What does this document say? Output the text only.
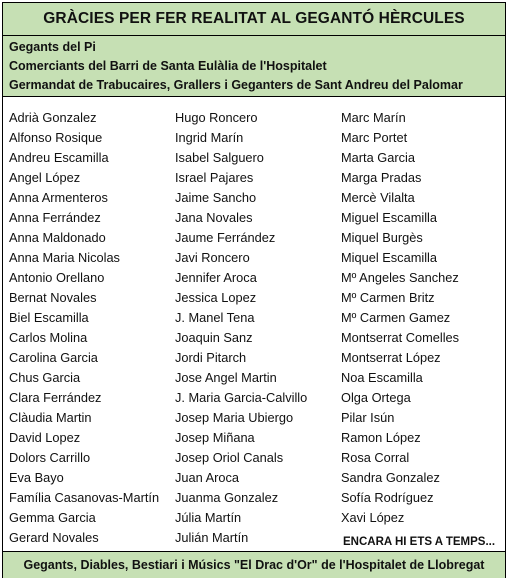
GRÀCIES PER FER REALITAT AL GEGANTÓ HÈRCULES
Gegants del Pi
Comerciants del Barri de Santa Eulàlia de l'Hospitalet
Germandat de Trabucaires, Grallers i Geganters de Sant Andreu del Palomar
ENCARA HI ETS A TEMPS...
Adrià Gonzalez
Alfonso Rosique
Andreu Escamilla
Angel López
Anna Armenteros
Anna Ferrández
Anna Maldonado
Anna Maria Nicolas
Antonio Orellano
Bernat Novales
Biel Escamilla
Carlos Molina
Carolina Garcia
Chus Garcia
Clara Ferrández
Clàudia Martin
David Lopez
Dolors Carrillo
Eva Bayo
Família Casanovas-Martín
Gemma Garcia
Gerard Novales
Hugo Roncero
Ingrid Marín
Isabel Salguero
Israel Pajares
Jaime Sancho
Jana Novales
Jaume Ferrández
Javi Roncero
Jennifer Aroca
Jessica Lopez
J. Manel Tena
Joaquin Sanz
Jordi Pitarch
Jose Angel Martin
J. Maria Garcia-Calvillo
Josep Maria Ubiergo
Josep Miñana
Josep Oriol Canals
Juan Aroca
Juanma Gonzalez
Júlia Martín
Julián Martín
Marc Marín
Marc Portet
Marta Garcia
Marga Pradas
Mercè Vilalta
Miguel Escamilla
Miquel Burgès
Miquel Escamilla
Mº Angeles Sanchez
Mº Carmen Britz
Mº Carmen Gamez
Montserrat Comelles
Montserrat López
Noa Escamilla
Olga Ortega
Pilar Isún
Ramon López
Rosa Corral
Sandra Gonzalez
Sofía Rodríguez
Xavi López
Gegants, Diables, Bestiari i Músics "El Drac d'Or" de l'Hospitalet de Llobregat
